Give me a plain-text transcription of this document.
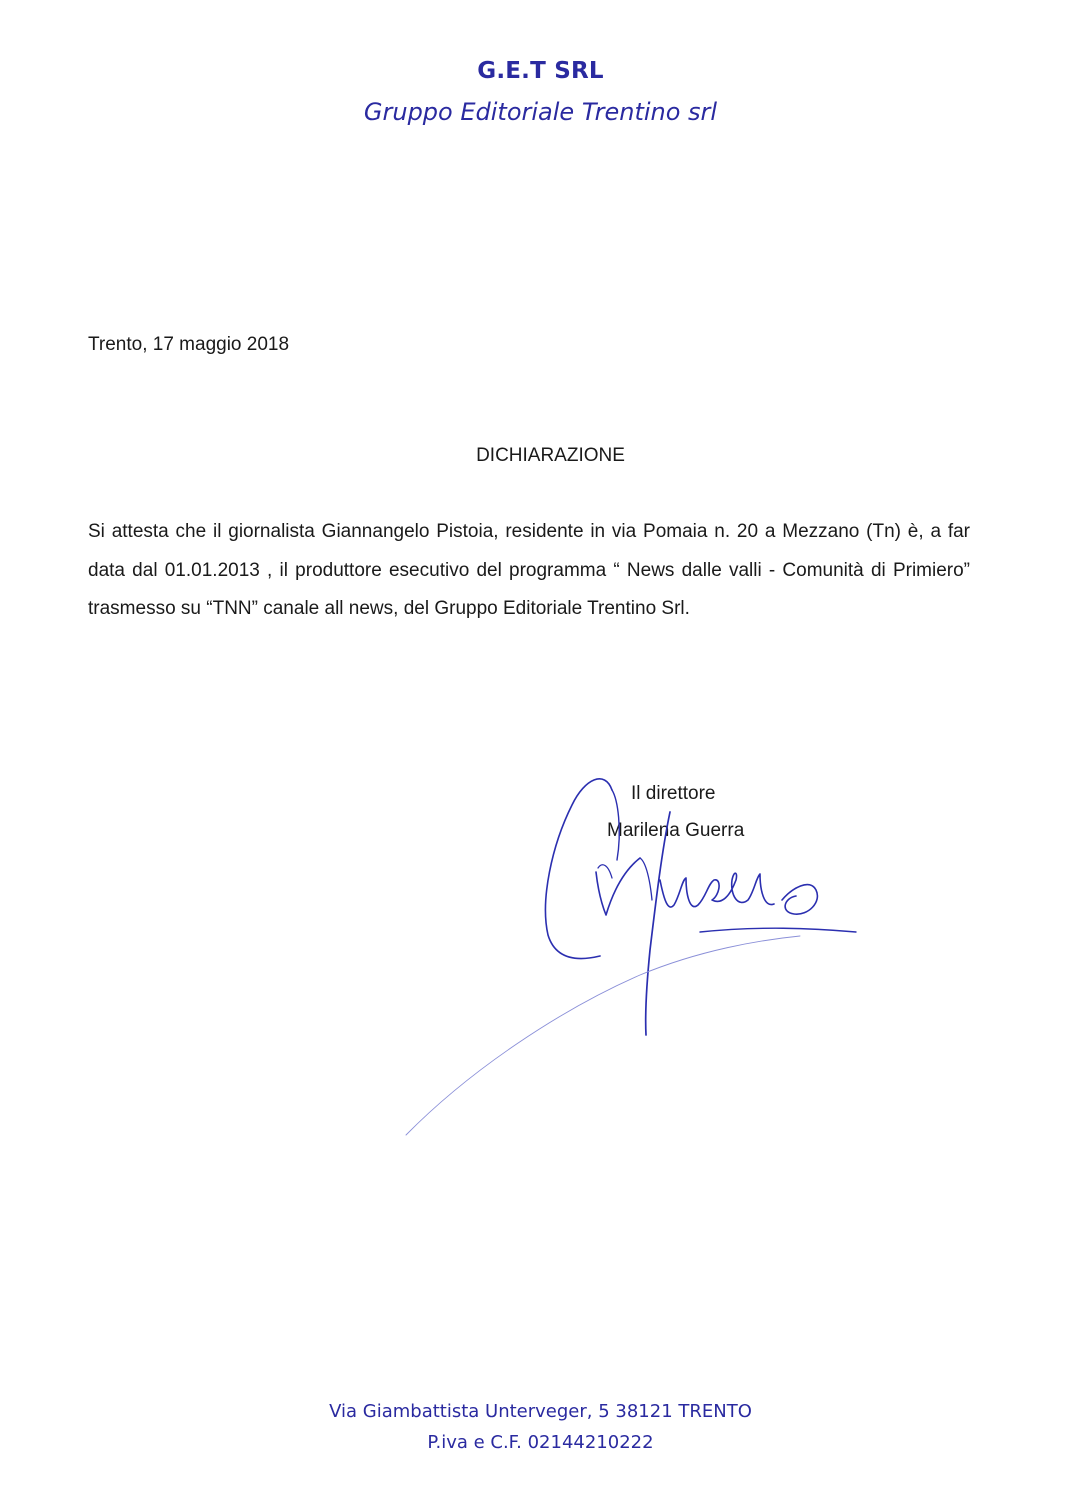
G.E.T SRL
Gruppo Editoriale Trentino srl
Trento, 17 maggio 2018
DICHIARAZIONE
Si attesta che il giornalista Giannangelo Pistoia, residente in via Pomaia n. 20 a Mezzano (Tn) è, a far data dal 01.01.2013 , il produttore esecutivo del programma “ News dalle valli - Comunità di Primiero” trasmesso su “TNN” canale all news, del Gruppo Editoriale Trentino Srl.
Il direttore
Marilena Guerra
Via Giambattista Unterveger, 5 38121 TRENTO
P.iva e C.F. 02144210222
